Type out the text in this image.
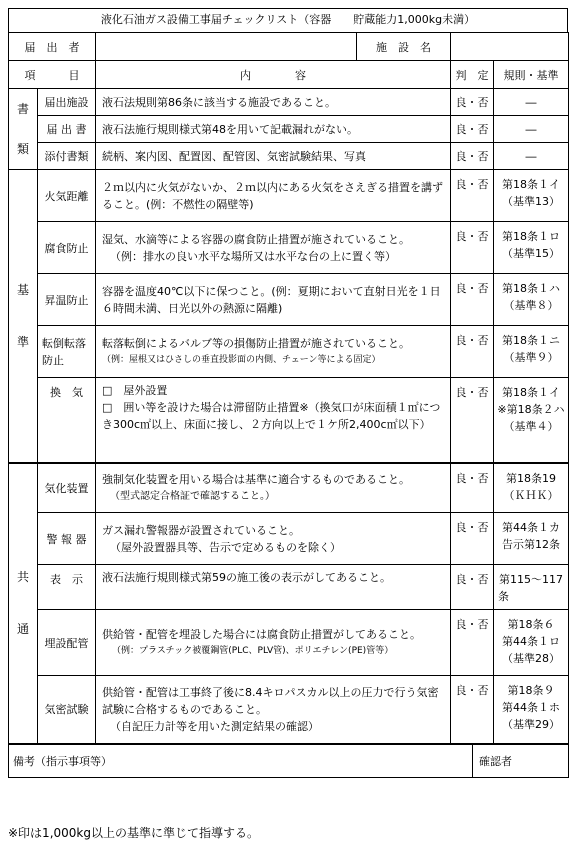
液化石油ガス設備工事届チェックリスト（容器　　貯蔵能力1,000kg未満）
届　出　者			施　設　名			
項　　　目		内　　　　容		判　定		規則・基準

書
類	届出施設	液石法規則第86条に該当する施設であること。		良・否		―
	届 出 書	液石法施行規則様式第48を用いて記載漏れがない。		良・否		―
	添付書類	続柄、案内図、配置図、配管図、気密試験結果、写真		良・否		―

基
準	火気距離	２ｍ以内に火気がないか、２ｍ以内にある火気をさえぎる措置を講ずること。(例：不燃性の隔壁等)		良・否		第18条１イ
（基準13）

	腐食防止	湿気、水滴等による容器の腐食防止措置が施されていること。
（例：排水の良い水平な場所又は水平な台の上に置く等）		良・否		第18条１ロ
（基準15）

	昇温防止	容器を温度40℃以下に保つこと。(例：夏期において直射日光を１日６時間未満、日光以外の熱源に隔離)		良・否		第18条１ハ
（基準８）

	転倒転落防止	転落転倒によるバルブ等の損傷防止措置が施されていること。
（例：屋根又はひさしの垂直投影面の内側、チェーン等による固定）		良・否		第18条１ニ
（基準９）

	換　気	□　屋外設置
□　囲い等を設けた場合は滞留防止措置※（換気口が床面積１㎡につき300c㎡以上、床面に接し、２方向以上で１ケ所2,400c㎡以下）		良・否		第18条１イ
※第18条２ハ
（基準４）

共
通	気化装置	強制気化装置を用いる場合は基準に適合するものであること。
（型式認定合格証で確認すること。）		良・否		第18条19
（ＫＨＫ）

	警 報 器	ガス漏れ警報器が設置されていること。
（屋外設置器具等、告示で定めるものを除く）		良・否		第44条１カ
告示第12条

	表　示	液石法施行規則様式第59の施工後の表示がしてあること。		良・否		第115～117
条

	埋設配管	供給管・配管を埋設した場合には腐食防止措置がしてあること。
（例：プラスチック被覆鋼管(PLC、PLV管)、ポリエチレン(PE)管等）		良・否		第18条６
第44条１ロ
（基準28）

	気密試験	供給管・配管は工事終了後に8.4キロパスカル以上の圧力で行う気密試験に合格するものであること。
（自記圧力計等を用いた測定結果の確認）		良・否		第18条９
第44条１ホ
（基準29）

備考（指示事項等）					確認者	
※印は1,000kg以上の基準に準じて指導する。
